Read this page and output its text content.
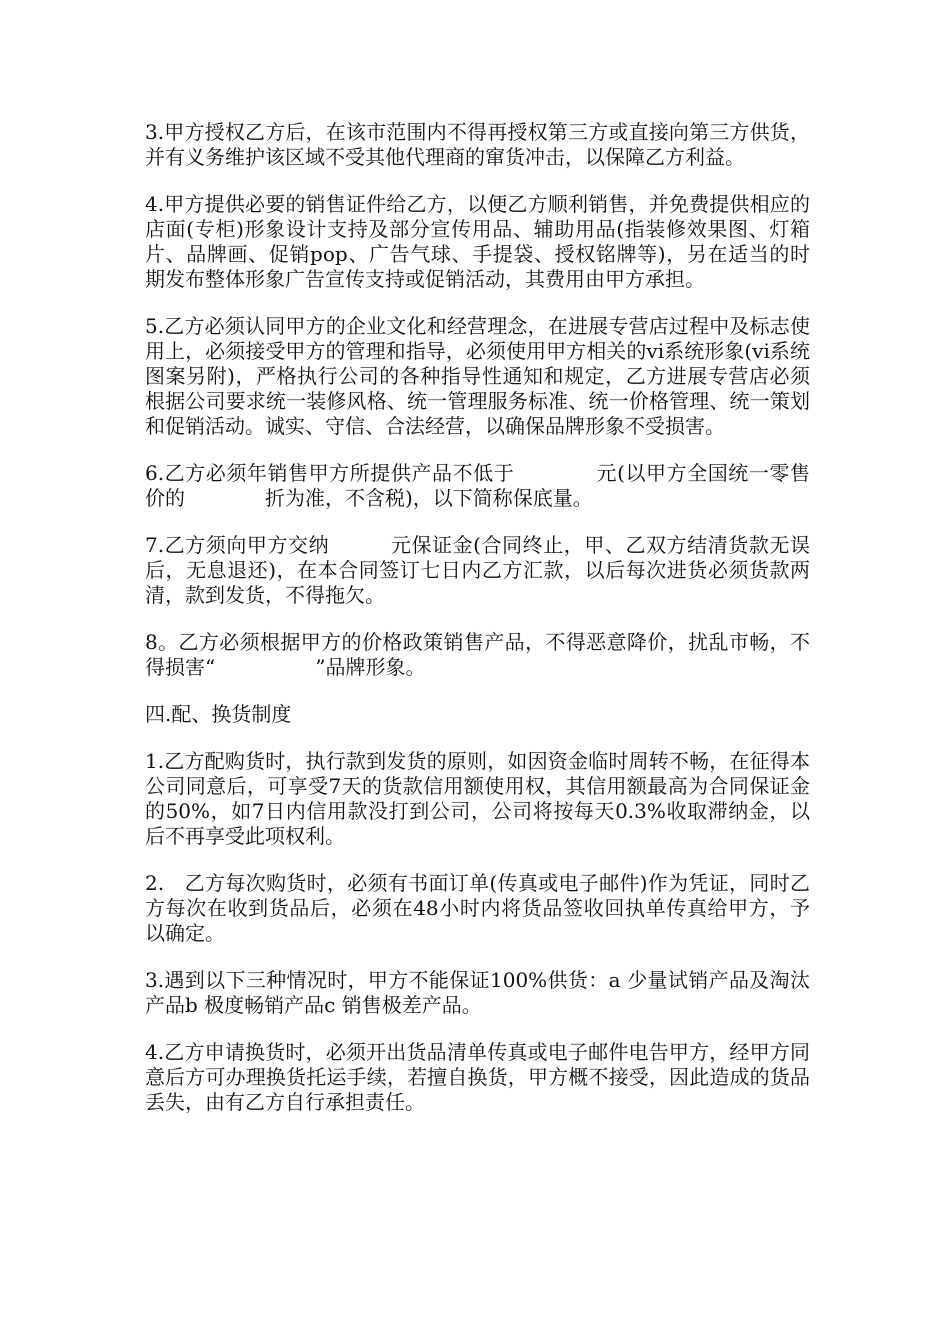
3.甲方授权乙方后，在该市范围内不得再授权第三方或直接向第三方供货，并有义务维护该区域不受其他代理商的窜货冲击，以保障乙方利益。

4.甲方提供必要的销售证件给乙方，以便乙方顺利销售，并免费提供相应的店面(专柜)形象设计支持及部分宣传用品、辅助用品(指装修效果图、灯箱片、品牌画、促销pop、广告气球、手提袋、授权铭牌等)，另在适当的时期发布整体形象广告宣传支持或促销活动，其费用由甲方承担。

5.乙方必须认同甲方的企业文化和经营理念，在进展专营店过程中及标志使用上，必须接受甲方的管理和指导，必须使用甲方相关的vi系统形象(vi系统图案另附)，严格执行公司的各种指导性通知和规定，乙方进展专营店必须根据公司要求统一装修风格、统一管理服务标准、统一价格管理、统一策划和促销活动。诚实、守信、合法经营，以确保品牌形象不受损害。

6.乙方必须年销售甲方所提供产品不低于　　　　元(以甲方全国统一零售价的　　　　折为准，不含税)，以下简称保底量。

7.乙方须向甲方交纳　　　元保证金(合同终止，甲、乙双方结清货款无误后，无息退还)，在本合同签订七日内乙方汇款，以后每次进货必须货款两清，款到发货，不得拖欠。

8。乙方必须根据甲方的价格政策销售产品，不得恶意降价，扰乱市畅，不得损害“　　　　　”品牌形象。

四.配、换货制度

1.乙方配购货时，执行款到发货的原则，如因资金临时周转不畅，在征得本公司同意后，可享受7天的货款信用额使用权，其信用额最高为合同保证金的50%，如7日内信用款没打到公司，公司将按每天0.3%收取滞纳金，以后不再享受此项权利。

2.　乙方每次购货时，必须有书面订单(传真或电子邮件)作为凭证，同时乙方每次在收到货品后，必须在48小时内将货品签收回执单传真给甲方，予以确定。

3.遇到以下三种情况时，甲方不能保证100%供货：a 少量试销产品及淘汰产品b 极度畅销产品c 销售极差产品。

4.乙方申请换货时，必须开出货品清单传真或电子邮件电告甲方，经甲方同意后方可办理换货托运手续，若擅自换货，甲方概不接受，因此造成的货品丢失，由有乙方自行承担责任。
